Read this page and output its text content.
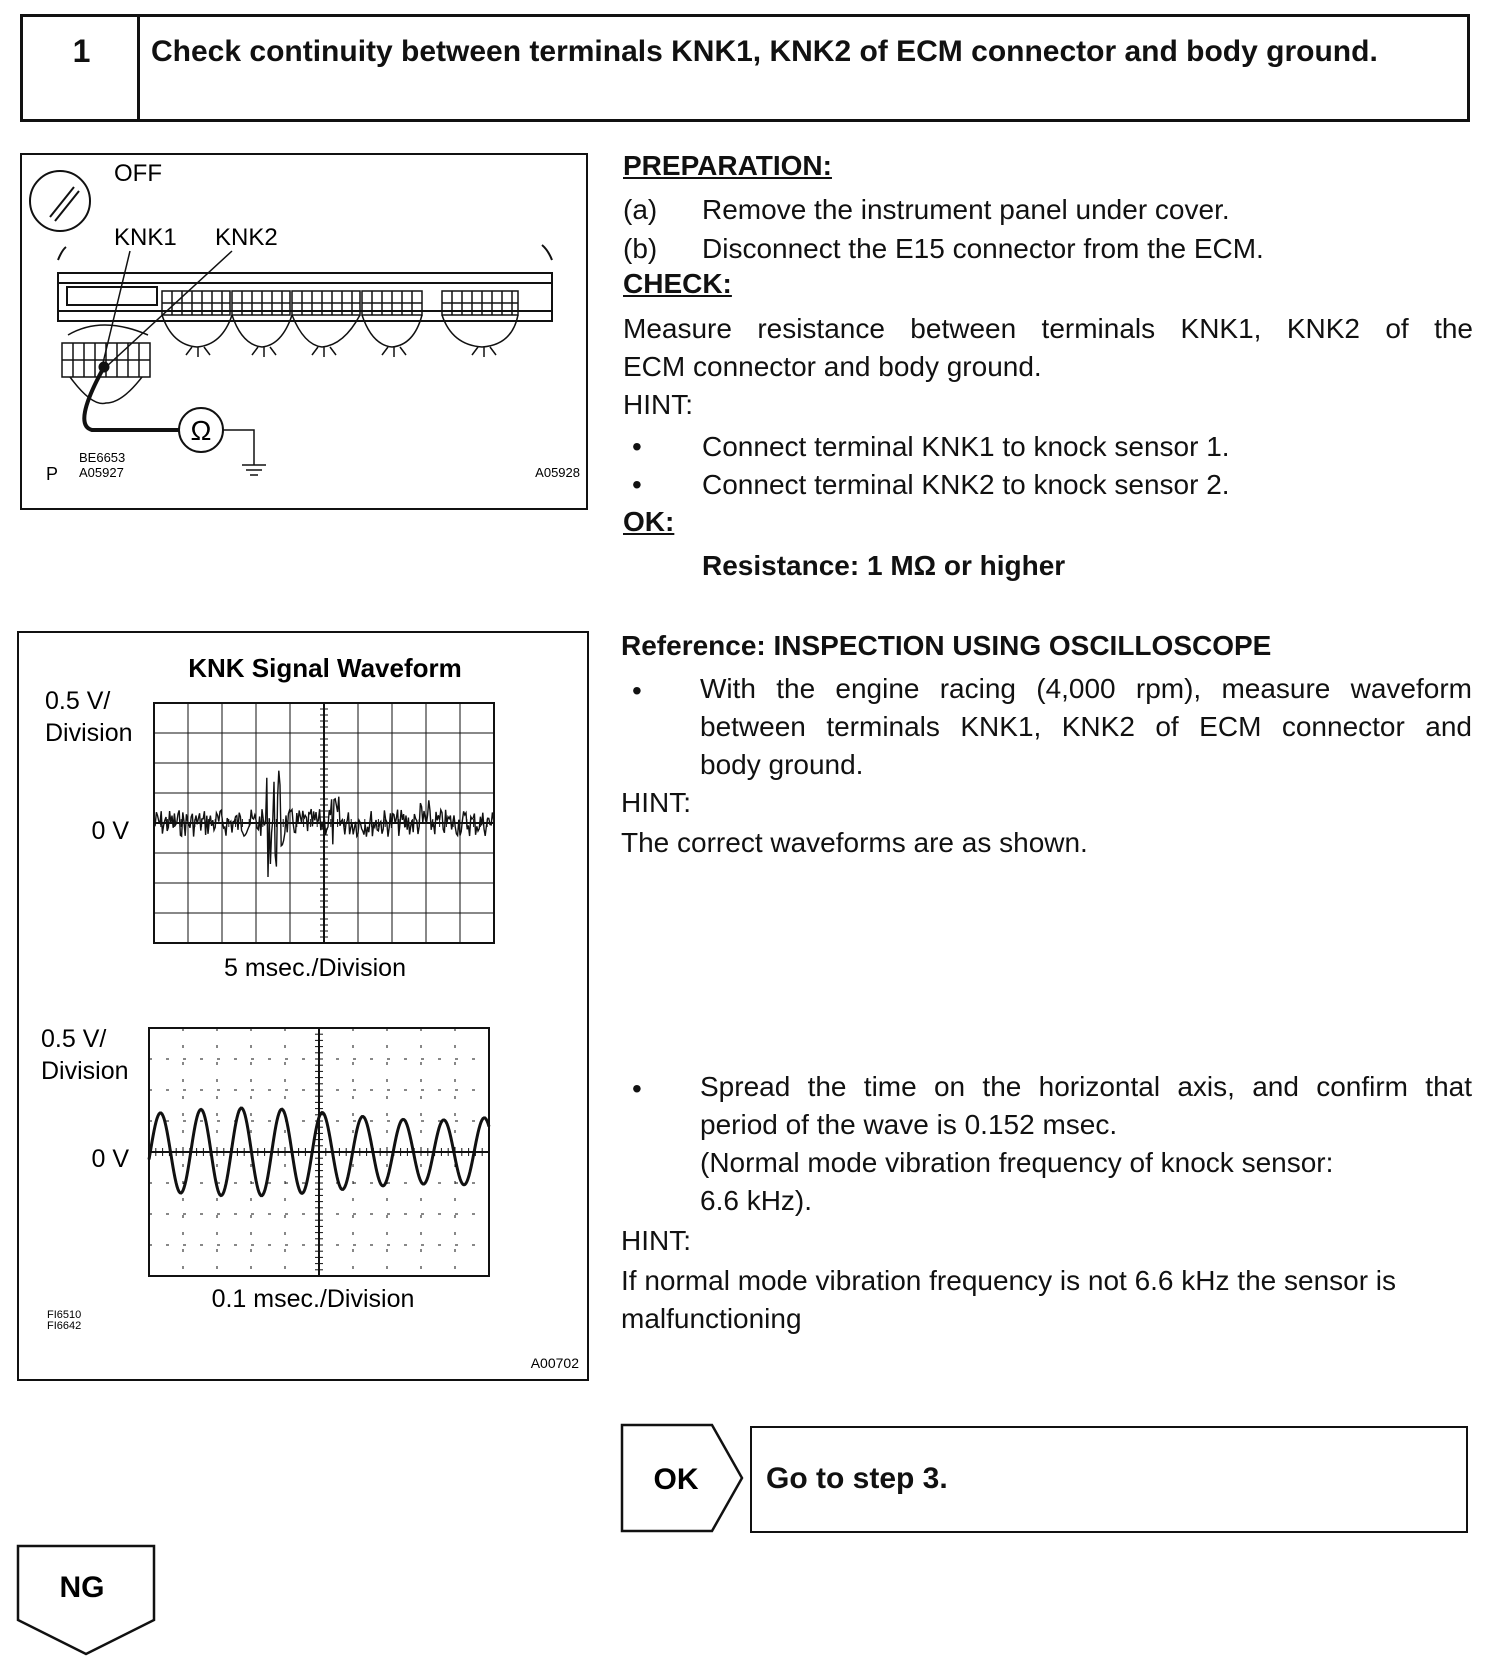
1	Check continuity between terminals KNK1, KNK2 of ECM connector and body ground.
OFF
KNK1 KNK2
Ω
BE6653
P A05927	A05928
PREPARATION:
(a) Remove the instrument panel under cover.
(b) Disconnect the E15 connector from the ECM.
CHECK:
Measure resistance between terminals KNK1, KNK2 of the
ECM connector and body ground.
HINT:
• Connect terminal KNK1 to knock sensor 1.
• Connect terminal KNK2 to knock sensor 2.
OK:
Resistance: 1 MΩ or higher
KNK Signal Waveform
0.5 V/
Division
0 V
5 msec./Division
0.5 V/
Division
0 V
0.1 msec./Division
FI6510
FI6642
A00702
Reference: INSPECTION USING OSCILLOSCOPE
• With the engine racing (4,000 rpm), measure waveform
between terminals KNK1, KNK2 of ECM connector and
body ground.
HINT:
The correct waveforms are as shown.
• Spread the time on the horizontal axis, and confirm that
period of the wave is 0.152 msec.
(Normal mode vibration frequency of knock sensor:
6.6 kHz).
HINT:
If normal mode vibration frequency is not 6.6 kHz the sensor is
malfunctioning
OK Go to step 3.
NG
